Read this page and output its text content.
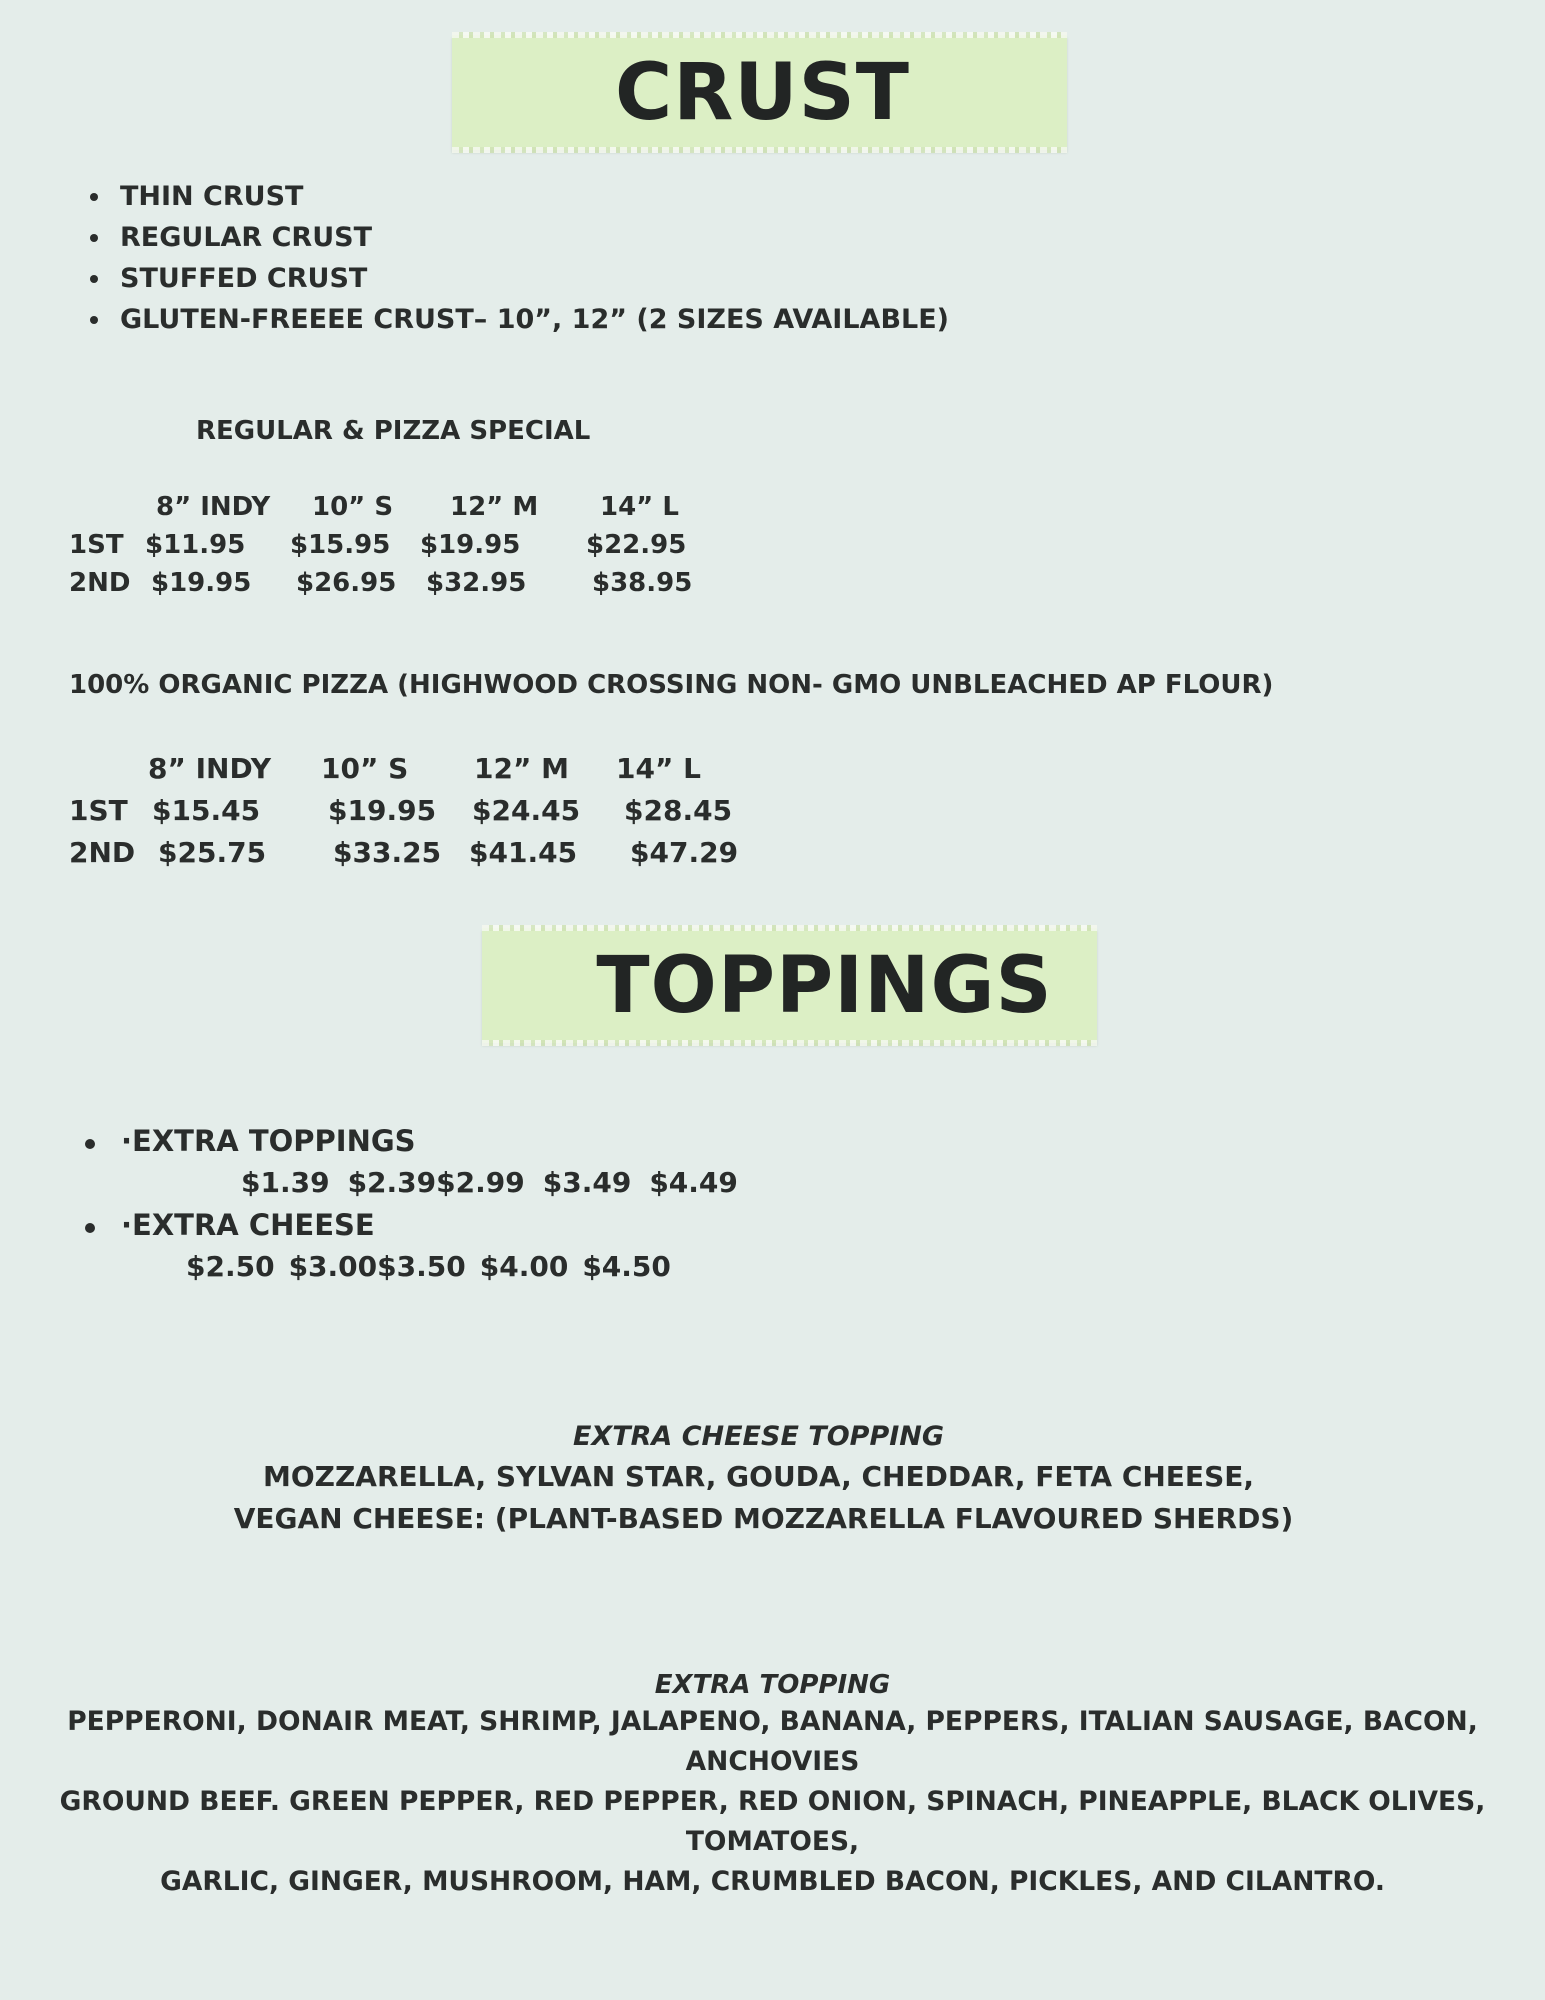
CRUST
THIN CRUST
REGULAR CRUST
STUFFED CRUST
GLUTEN-FREEEE CRUST– 10”, 12” (2 SIZES AVAILABLE)
REGULAR & PIZZA SPECIAL
8” INDY 10” S 12” M 14” L
1ST $11.95 $15.95 $19.95	$22.95
2ND $19.95 $26.95 $32.95	$38.95
100% ORGANIC PIZZA (HIGHWOOD CROSSING NON- GMO UNBLEACHED AP FLOUR)
8” INDY 10” S 12” M 14” L
1ST $15.45 $19.95 $24.45 $28.45
2ND $25.75 $33.25 $41.45 $47.29
TOPPINGS
·EXTRA TOPPINGS
·EXTRA CHEESE
$1.39 $2.39$2.99 $3.49 $4.49
$2.50 $3.00$3.50 $4.00 $4.50
EXTRA CHEESE TOPPING
MOZZARELLA, SYLVAN STAR, GOUDA, CHEDDAR, FETA CHEESE,
VEGAN CHEESE: (PLANT-BASED MOZZARELLA FLAVOURED SHERDS)
EXTRA TOPPING
PEPPERONI, DONAIR MEAT, SHRIMP, JALAPENO, BANANA, PEPPERS, ITALIAN SAUSAGE, BACON, ANCHOVIES
GROUND BEEF. GREEN PEPPER, RED PEPPER, RED ONION, SPINACH, PINEAPPLE, BLACK OLIVES, TOMATOES,
GARLIC, GINGER, MUSHROOM, HAM, CRUMBLED BACON, PICKLES, AND CILANTRO.
